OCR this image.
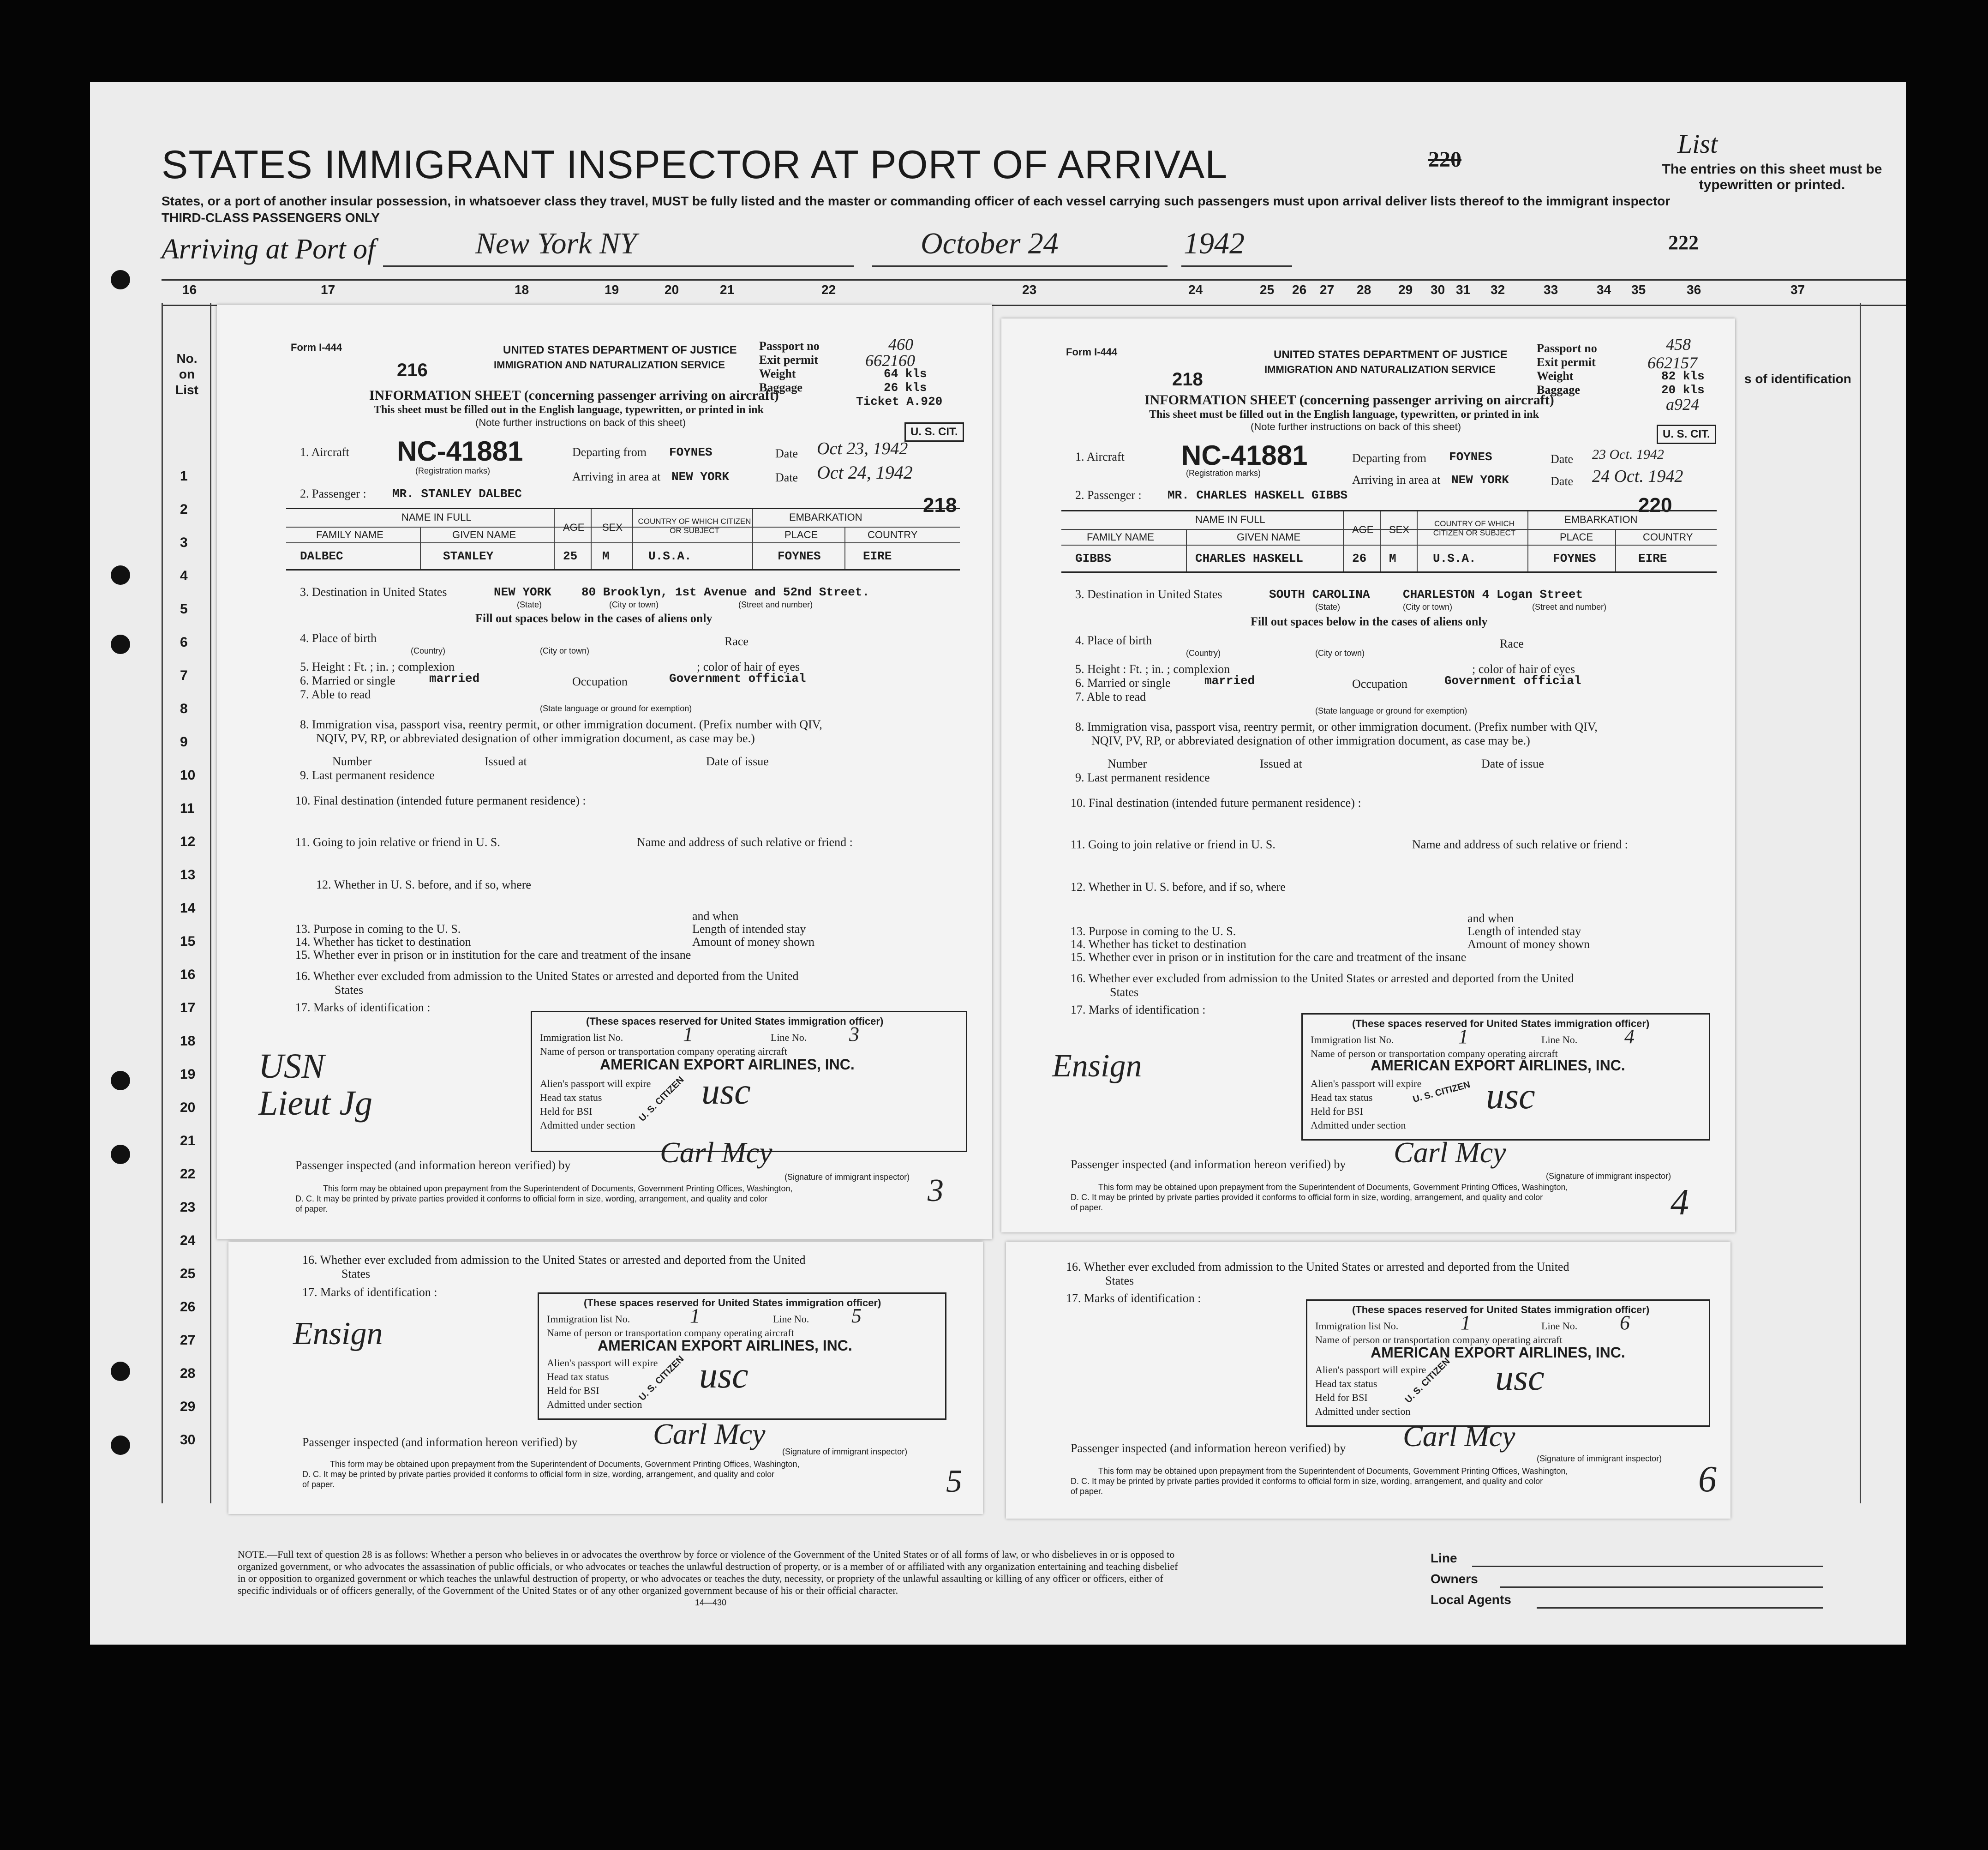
STATES IMMIGRANT INSPECTOR AT PORT OF ARRIVAL
States, or a port of another insular possession, in whatsoever class they travel, MUST be fully listed and the master or commanding officer of each vessel carrying such passengers must upon arrival deliver lists thereof to the immigrant inspector
THIRD-CLASS PASSENGERS ONLY
List
220	The entries on this sheet must be typewritten or printed.
222
Arriving at Port of	New York NY	October 24	1942
16	17	18	19	20	21	22	23	24	25 26 27 28 29 30 31 32	33	34 35	36	37
No. on List
s of identification
1
2
3
4
5
6
7
8
9
10
11
12
13
14
15
16
17
18
19
20
21
22
23
24
25
26
27
28
29
30
Form I-444
216
UNITED STATES DEPARTMENT OF JUSTICE
IMMIGRATION AND NATURALIZATION SERVICE
Passport no
Exit permit
Weight
Baggage
460
662160
64 kls
26 kls
Ticket A.920
INFORMATION SHEET (concerning passenger arriving on aircraft)
This sheet must be filled out in the English language, typewritten, or printed in ink
(Note further instructions on back of this sheet)
U. S. CIT.
1. Aircraft NC-41881	Departing from FOYNES	Date Oct 23, 1942
(Registration marks)
2. Passenger : MR. STANLEY DALBEC
Arriving in area at NEW YORK	Date Oct 24, 1942
218
NAME IN FULL
FAMILY NAME	GIVEN NAME
AGE SEX
COUNTRY OF WHICH CITIZEN OR SUBJECT
EMBARKATION
PLACE	COUNTRY
DALBEC	STANLEY	25 M	U.S.A.	FOYNES	EIRE
3. Destination in United States	NEW YORK	80 Brooklyn, 1st Avenue and 52nd Street.
(State)	(City or town)	(Street and number)
Fill out spaces below in the cases of aliens only
4. Place of birth	Race
(Country)	(City or town)
5. Height : Ft. ; in. ; complexion	; color of hair of eyes
6. Married or single	married	Occupation	Government official
7. Able to read
(State language or ground for exemption)
8. Immigration visa, passport visa, reentry permit, or other immigration document. (Prefix number with QIV,
NQIV, PV, RP, or abbreviated designation of other immigration document, as case may be.)
Number	Issued at	Date of issue
9. Last permanent residence
10. Final destination (intended future permanent residence) :
11. Going to join relative or friend in U. S.	Name and address of such relative or friend :
12. Whether in U. S. before, and if so, where
and when
13. Purpose in coming to the U. S.	Length of intended stay
14. Whether has ticket to destination	Amount of money shown
15. Whether ever in prison or in institution for the care and treatment of the insane
16. Whether ever excluded from admission to the United States or arrested and deported from the United
States
17. Marks of identification :
(These spaces reserved for United States immigration officer)
Immigration list No.	1	Line No. 3
Name of person or transportation company operating aircraft
AMERICAN EXPORT AIRLINES, INC.
Alien's passport will expire
Head tax status	usc
Held for BSI
Admitted under section
U. S. CITIZEN
USN Lieut Jg
Passenger inspected (and information hereon verified) by	Carl Mcy
(Signature of immigrant inspector)
This form may be obtained upon prepayment from the Superintendent of Documents, Government Printing Offices, Washington,
D. C. It may be printed by private parties provided it conforms to official form in size, wording, arrangement, and quality and color
of paper.
3
Form I-444
218
UNITED STATES DEPARTMENT OF JUSTICE
IMMIGRATION AND NATURALIZATION SERVICE
Passport no
Exit permit
Weight
Baggage
458
662157
82 kls
20 kls
a924
INFORMATION SHEET (concerning passenger arriving on aircraft)
This sheet must be filled out in the English language, typewritten, or printed in ink
(Note further instructions on back of this sheet)
U. S. CIT.
1. Aircraft NC-41881	Departing from FOYNES	Date 23 Oct. 1942
(Registration marks)
2. Passenger : MR. CHARLES HASKELL GIBBS
Arriving in area at NEW YORK	Date 24 Oct. 1942
220
NAME IN FULL
FAMILY NAME	GIVEN NAME
AGE SEX
COUNTRY OF WHICH CITIZEN OR SUBJECT
EMBARKATION
PLACE	COUNTRY
GIBBS	CHARLES HASKELL	26 M	U.S.A.	FOYNES	EIRE
3. Destination in United States	SOUTH CAROLINA	CHARLESTON 4 Logan Street
(State)	(City or town)	(Street and number)
Fill out spaces below in the cases of aliens only
4. Place of birth	Race
(Country)	(City or town)
5. Height : Ft. ; in. ; complexion	; color of hair of eyes
6. Married or single	married	Occupation	Government official
7. Able to read
(State language or ground for exemption)
8. Immigration visa, passport visa, reentry permit, or other immigration document. (Prefix number with QIV,
NQIV, PV, RP, or abbreviated designation of other immigration document, as case may be.)
Number	Issued at	Date of issue
9. Last permanent residence
10. Final destination (intended future permanent residence) :
11. Going to join relative or friend in U. S.	Name and address of such relative or friend :
12. Whether in U. S. before, and if so, where
and when
13. Purpose in coming to the U. S.	Length of intended stay
14. Whether has ticket to destination	Amount of money shown
15. Whether ever in prison or in institution for the care and treatment of the insane
16. Whether ever excluded from admission to the United States or arrested and deported from the United
States
17. Marks of identification :
(These spaces reserved for United States immigration officer)
Immigration list No.	1	Line No. 4
Name of person or transportation company operating aircraft
AMERICAN EXPORT AIRLINES, INC.
Alien's passport will expire
Head tax status	usc
Held for BSI
Admitted under section
U. S. CITIZEN
Ensign
Passenger inspected (and information hereon verified) by Carl Mcy
(Signature of immigrant inspector)
This form may be obtained upon prepayment from the Superintendent of Documents, Government Printing Offices, Washington,
D. C. It may be printed by private parties provided it conforms to official form in size, wording, arrangement, and quality and color
of paper.	4
16. Whether ever excluded from admission to the United States or arrested and deported from the United
States
17. Marks of identification :
(These spaces reserved for United States immigration officer)
Immigration list No.	1	Line No. 5
Name of person or transportation company operating aircraft
AMERICAN EXPORT AIRLINES, INC.
Alien's passport will expire
Head tax status usc
Held for BSI
Admitted under section
U. S. CITIZEN
Ensign
Passenger inspected (and information hereon verified) by	Carl Mcy
(Signature of immigrant inspector)
This form may be obtained upon prepayment from the Superintendent of Documents, Government Printing Offices, Washington,
D. C. It may be printed by private parties provided it conforms to official form in size, wording, arrangement, and quality and color
of paper.	5
16. Whether ever excluded from admission to the United States or arrested and deported from the United
States
17. Marks of identification :
(These spaces reserved for United States immigration officer)
Immigration list No.	1	Line No. 6
Name of person or transportation company operating aircraft
AMERICAN EXPORT AIRLINES, INC.
Alien's passport will expire
Head tax status	usc
Held for BSI
Admitted under section
U. S. CITIZEN
Passenger inspected (and information hereon verified) by Carl Mcy
(Signature of immigrant inspector)
This form may be obtained upon prepayment from the Superintendent of Documents, Government Printing Offices, Washington,
D. C. It may be printed by private parties provided it conforms to official form in size, wording, arrangement, and quality and color
of paper.	6
NOTE.—Full text of question 28 is as follows: Whether a person who believes in or advocates the overthrow by force or violence of the Government of the United States or of all forms of law, or who disbelieves in or is opposed to organized government, or who advocates the assassination of public officials, or who advocates or teaches the unlawful destruction of property, or is a member of or affiliated with any organization entertaining and teaching disbelief in or opposition to organized government or which teaches the unlawful destruction of property, or who advocates or teaches the duty, necessity, or propriety of the unlawful assaulting or killing of any officer or officers, either of specific individuals or of officers generally, of the Government of the United States or of any other organized government because of his or their official character.
14—430
Line
Owners
Local Agents
